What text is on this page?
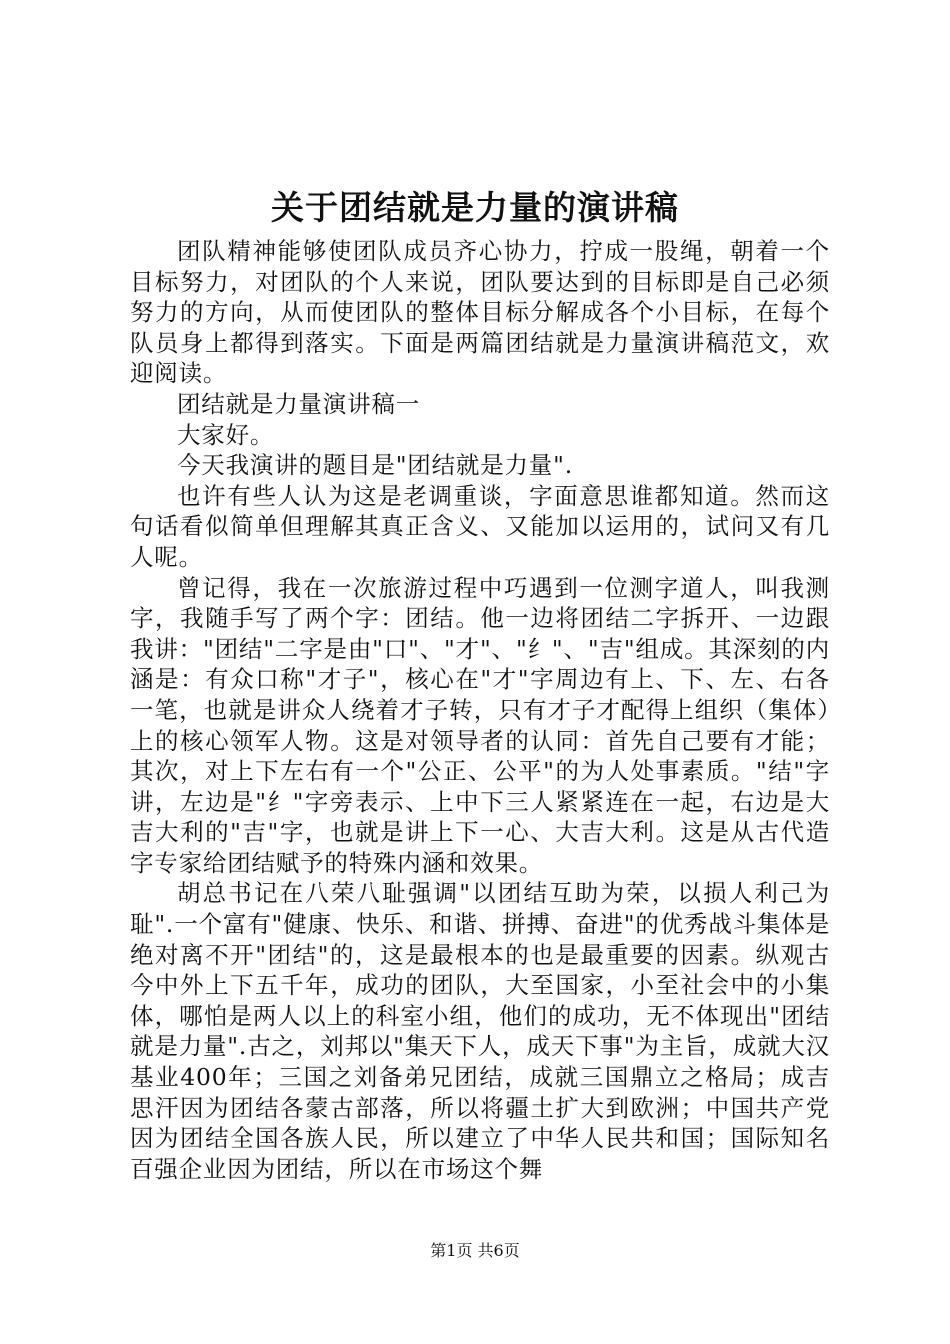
关于团结就是力量的演讲稿

团队精神能够使团队成员齐心协力，拧成一股绳，朝着一个目标努力，对团队的个人来说，团队要达到的目标即是自己必须努力的方向，从而使团队的整体目标分解成各个小目标，在每个队员身上都得到落实。下面是两篇团结就是力量演讲稿范文，欢迎阅读。

团结就是力量演讲稿一

大家好。

今天我演讲的题目是"团结就是力量".

也许有些人认为这是老调重谈，字面意思谁都知道。然而这句话看似简单但理解其真正含义、又能加以运用的，试问又有几人呢。

曾记得，我在一次旅游过程中巧遇到一位测字道人，叫我测字，我随手写了两个字：团结。他一边将团结二字拆开、一边跟我讲："团结"二字是由"口"、"才"、"纟"、"吉"组成。其深刻的内涵是：有众口称"才子"，核心在"才"字周边有上、下、左、右各一笔，也就是讲众人绕着才子转，只有才子才配得上组织（集体）上的核心领军人物。这是对领导者的认同：首先自己要有才能；其次，对上下左右有一个"公正、公平"的为人处事素质。"结"字讲，左边是"纟"字旁表示、上中下三人紧紧连在一起，右边是大吉大利的"吉"字，也就是讲上下一心、大吉大利。这是从古代造字专家给团结赋予的特殊内涵和效果。

胡总书记在八荣八耻强调"以团结互助为荣，以损人利己为耻".一个富有"健康、快乐、和谐、拼搏、奋进"的优秀战斗集体是绝对离不开"团结"的，这是最根本的也是最重要的因素。纵观古今中外上下五千年，成功的团队，大至国家，小至社会中的小集体，哪怕是两人以上的科室小组，他们的成功，无不体现出"团结就是力量".古之，刘邦以"集天下人，成天下事"为主旨，成就大汉基业400年；三国之刘备弟兄团结，成就三国鼎立之格局；成吉思汗因为团结各蒙古部落，所以将疆土扩大到欧洲；中国共产党因为团结全国各族人民，所以建立了中华人民共和国；国际知名百强企业因为团结，所以在市场这个舞

第1页 共6页
